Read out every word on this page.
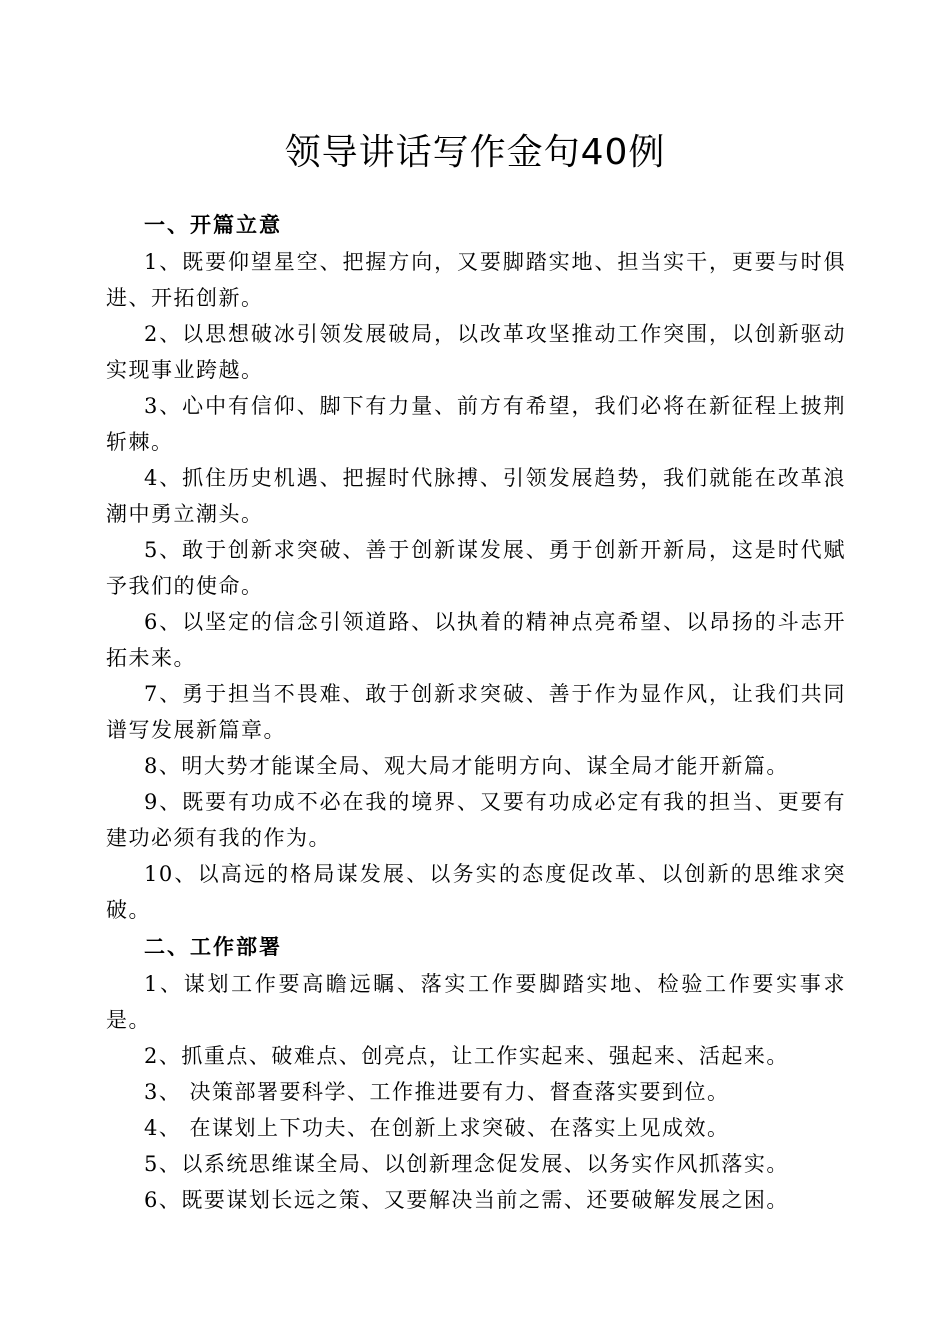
领导讲话写作金句40例
一、开篇立意

1、既要仰望星空、把握方向，又要脚踏实地、担当实干，更要与时俱进、开拓创新。

2、以思想破冰引领发展破局，以改革攻坚推动工作突围，以创新驱动实现事业跨越。

3、心中有信仰、脚下有力量、前方有希望，我们必将在新征程上披荆斩棘。

4、抓住历史机遇、把握时代脉搏、引领发展趋势，我们就能在改革浪潮中勇立潮头。

5、敢于创新求突破、善于创新谋发展、勇于创新开新局，这是时代赋予我们的使命。

6、以坚定的信念引领道路、以执着的精神点亮希望、以昂扬的斗志开拓未来。

7、勇于担当不畏难、敢于创新求突破、善于作为显作风，让我们共同谱写发展新篇章。

8、明大势才能谋全局、观大局才能明方向、谋全局才能开新篇。

9、既要有功成不必在我的境界、又要有功成必定有我的担当、更要有建功必须有我的作为。

10、以高远的格局谋发展、以务实的态度促改革、以创新的思维求突破。

二、工作部署

1、谋划工作要高瞻远瞩、落实工作要脚踏实地、检验工作要实事求是。

2、抓重点、破难点、创亮点，让工作实起来、强起来、活起来。

3、 决策部署要科学、工作推进要有力、督查落实要到位。

4、 在谋划上下功夫、在创新上求突破、在落实上见成效。

5、以系统思维谋全局、以创新理念促发展、以务实作风抓落实。

6、既要谋划长远之策、又要解决当前之需、还要破解发展之困。
